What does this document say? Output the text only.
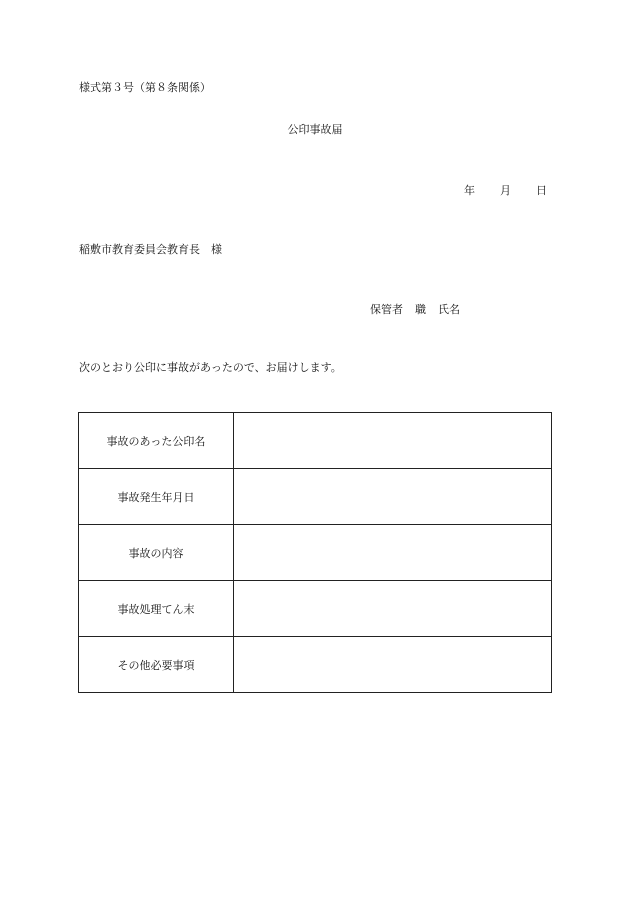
様式第３号（第８条関係）
公印事故届
年 月 日
稲敷市教育委員会教育長　様
保管者 職 氏名
次のとおり公印に事故があったので、お届けします。
事故のあった公印名	
事故発生年月日	
事故の内容	
事故処理てん末	
その他必要事項	
